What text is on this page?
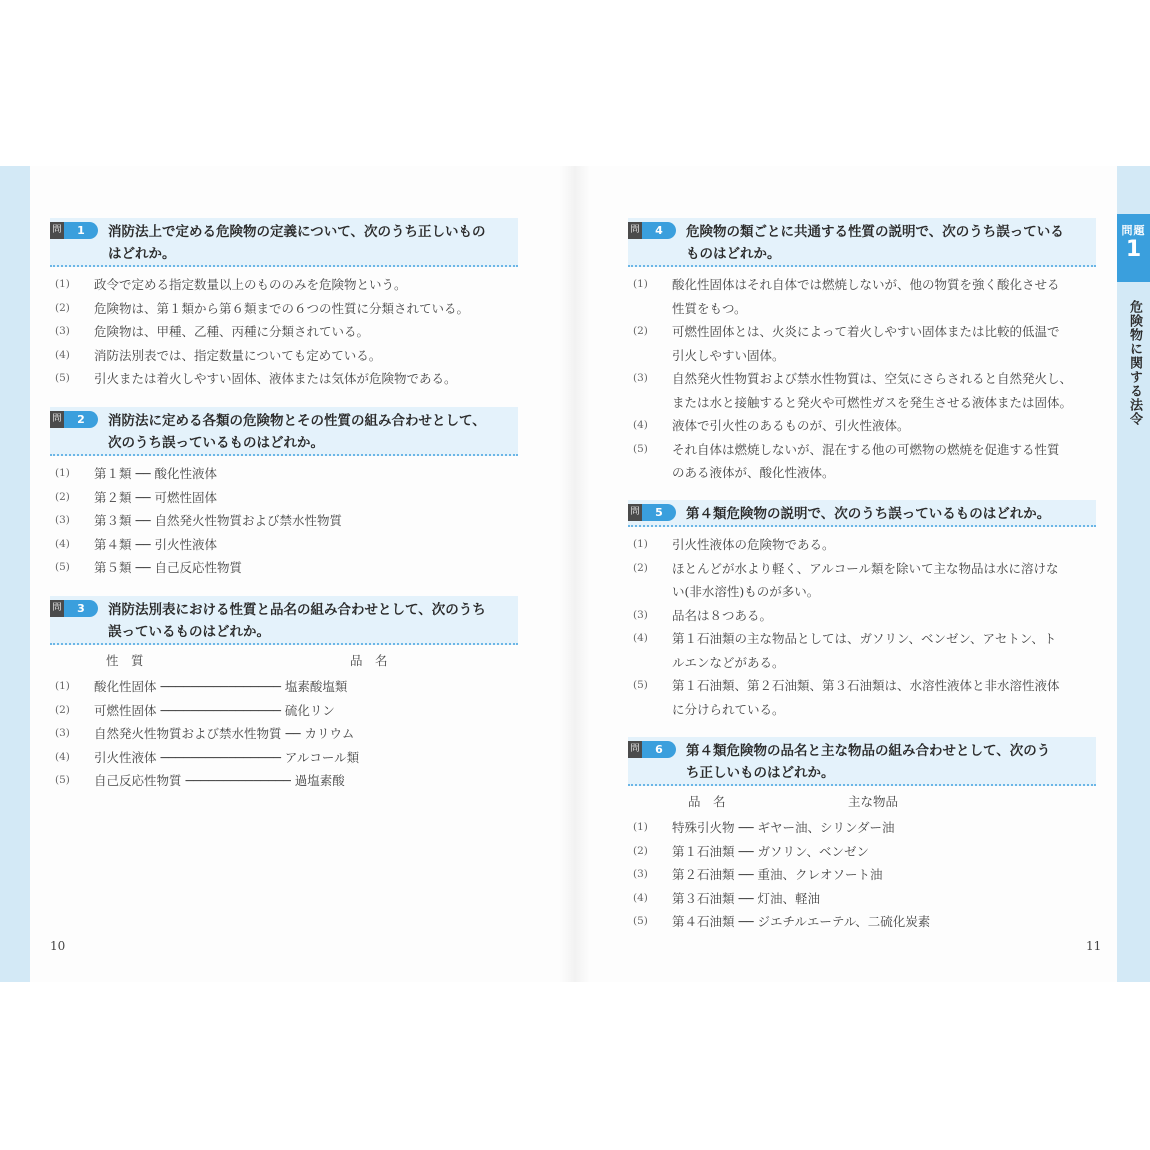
問題
1
危険物に関する法令
10	11
問	1	消防法上で定める危険物の定義について、次のうち正しいもの
はどれか。
(1) 政令で定める指定数量以上のもののみを危険物という。
(2) 危険物は、第１類から第６類までの６つの性質に分類されている。
(3) 危険物は、甲種、乙種、丙種に分類されている。
(4) 消防法別表では、指定数量についても定めている。
(5) 引火または着火しやすい固体、液体または気体が危険物である。
問	2	消防法に定める各類の危険物とその性質の組み合わせとして、
次のうち誤っているものはどれか。
(1) 第１類 ── 酸化性液体
(2) 第２類 ── 可燃性固体
(3) 第３類 ── 自然発火性物質および禁水性物質
(4) 第４類 ── 引火性液体
(5) 第５類 ── 自己反応性物質
問	3	消防法別表における性質と品名の組み合わせとして、次のうち
誤っているものはどれか。
性　質	品　名
(1) 酸化性固体 ──────────────── 塩素酸塩類
(2) 可燃性固体 ──────────────── 硫化リン
(3) 自然発火性物質および禁水性物質 ── カリウム
(4) 引火性液体 ──────────────── アルコール類
(5) 自己反応性物質 ────────────── 過塩素酸
問	4	危険物の類ごとに共通する性質の説明で、次のうち誤っている
ものはどれか。
(1) 酸化性固体はそれ自体では燃焼しないが、他の物質を強く酸化させる
性質をもつ。
(2) 可燃性固体とは、火炎によって着火しやすい固体または比較的低温で
引火しやすい固体。
(3) 自然発火性物質および禁水性物質は、空気にさらされると自然発火し、
または水と接触すると発火や可燃性ガスを発生させる液体または固体。
(4) 液体で引火性のあるものが、引火性液体。
(5) それ自体は燃焼しないが、混在する他の可燃物の燃焼を促進する性質
のある液体が、酸化性液体。
問	5	第４類危険物の説明で、次のうち誤っているものはどれか。
(1) 引火性液体の危険物である。
(2) ほとんどが水より軽く、アルコール類を除いて主な物品は水に溶けな
い(非水溶性)ものが多い。
(3) 品名は８つある。
(4) 第１石油類の主な物品としては、ガソリン、ベンゼン、アセトン、ト
ルエンなどがある。
(5) 第１石油類、第２石油類、第３石油類は、水溶性液体と非水溶性液体
に分けられている。
問	6	第４類危険物の品名と主な物品の組み合わせとして、次のう
ち正しいものはどれか。
品　名	主な物品
(1) 特殊引火物 ── ギヤー油、シリンダー油
(2) 第１石油類 ── ガソリン、ベンゼン
(3) 第２石油類 ── 重油、クレオソート油
(4) 第３石油類 ── 灯油、軽油
(5) 第４石油類 ── ジエチルエーテル、二硫化炭素
